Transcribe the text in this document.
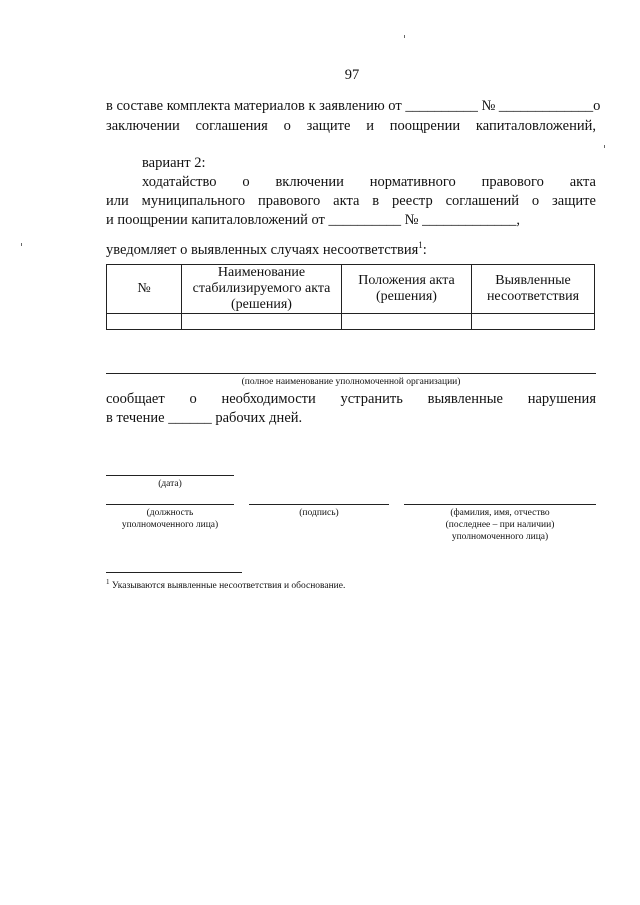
97
в составе комплекта материалов к заявлению от __________ № _____________о
заключении соглашения о защите и поощрении капиталовложений,
вариант 2:
ходатайство о включении нормативного правового акта
или муниципального правового акта в реестр соглашений о защите
и поощрении капиталовложений от __________ № _____________,
уведомляет о выявленных случаях несоответствия$^1$:
№	Наименование стабилизируемого акта (решения)	Положения акта (решения)	Выявленные несоответствия

(полное наименование уполномоченной организации)
сообщает о необходимости устранить выявленные нарушения
в течение ______ рабочих дней.
(дата)
(должность
уполномоченного лица)
(подпись)	(фамилия, имя, отчество
(последнее – при наличии)
уполномоченного лица)
$^1$ Указываются выявленные несоответствия и обоснование.
